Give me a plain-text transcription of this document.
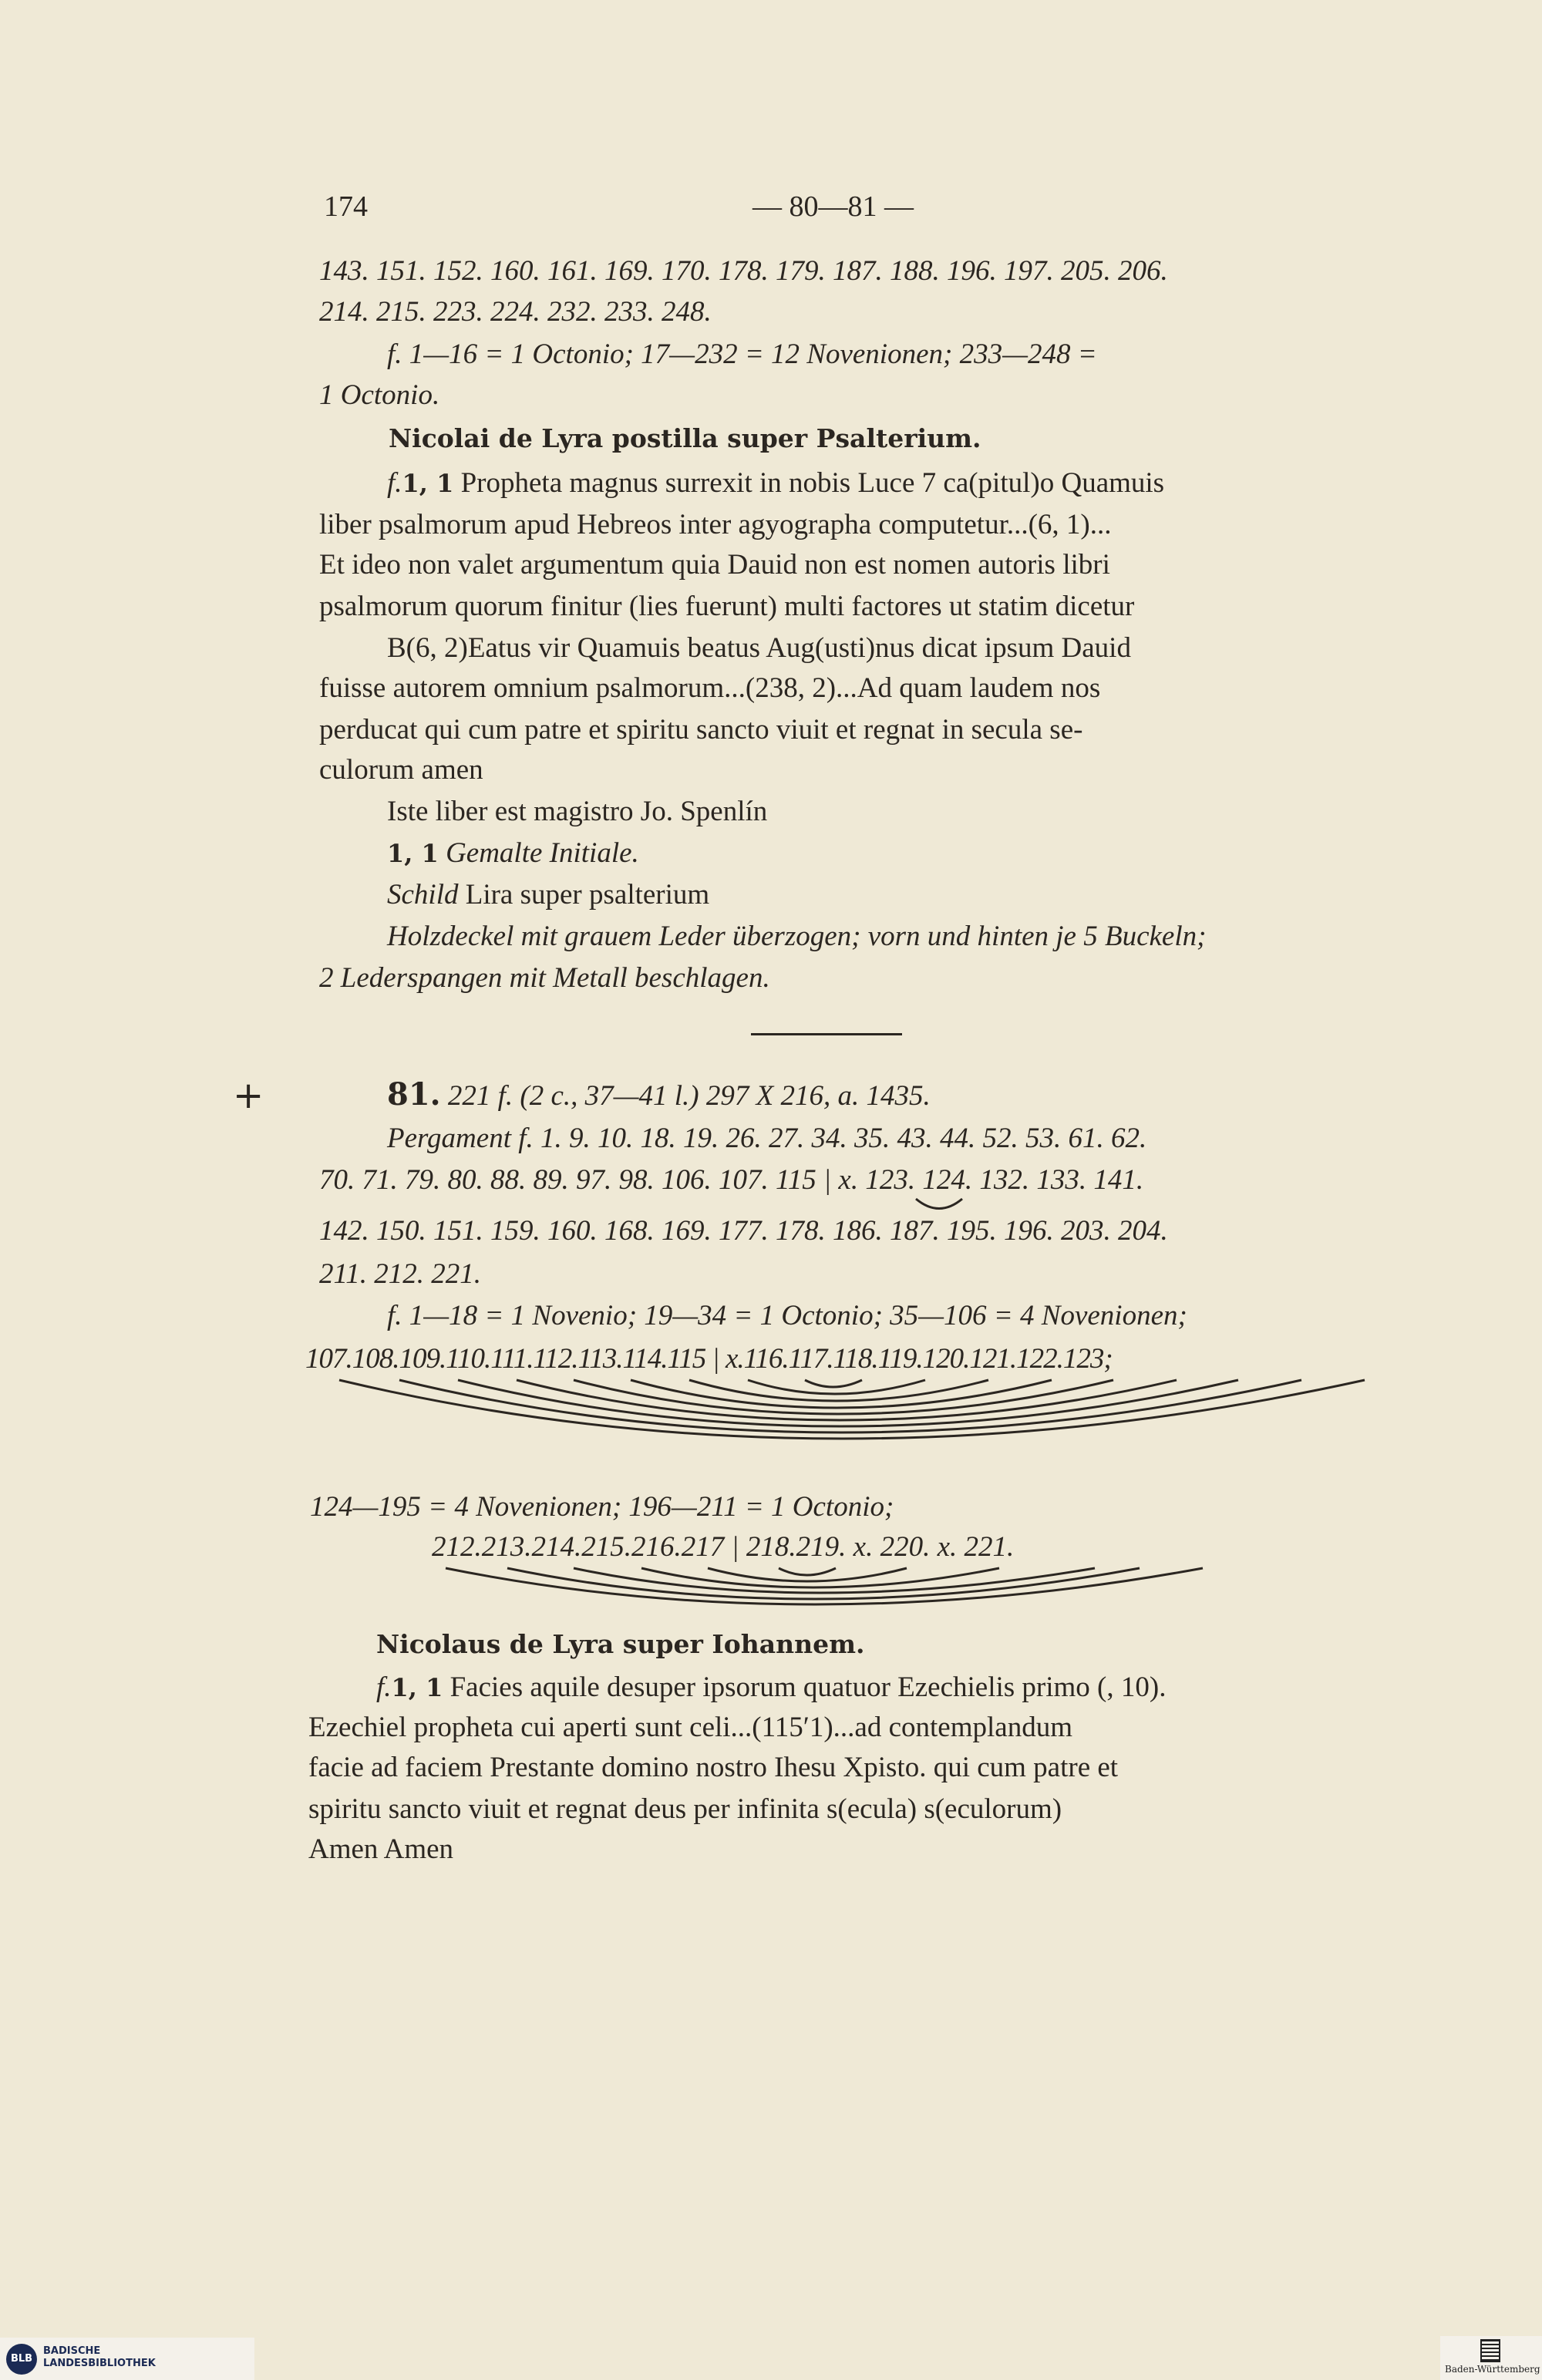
174	— 80—81 —
143. 151. 152. 160. 161. 169. 170. 178. 179. 187. 188. 196. 197. 205. 206.
214. 215. 223. 224. 232. 233. 248.
f. 1—16 = 1 Octonio; 17—232 = 12 Novenionen; 233—248 =
1 Octonio.
Nicolai de Lyra postilla super Psalterium.
f.1, 1 Propheta magnus surrexit in nobis Luce 7 ca(pitul)o Quamuis
liber psalmorum apud Hebreos inter agyographa computetur...(6, 1)...
Et ideo non valet argumentum quia Dauid non est nomen autoris libri
psalmorum quorum finitur (lies fuerunt) multi factores ut statim dicetur
B(6, 2)Eatus vir Quamuis beatus Aug(usti)nus dicat ipsum Dauid
fuisse autorem omnium psalmorum...(238, 2)...Ad quam laudem nos
perducat qui cum patre et spiritu sancto viuit et regnat in secula se-
culorum amen
Iste liber est magistro Jo. Spenlín
1, 1 Gemalte Initiale.
Schild Lira super psalterium
Holzdeckel mit grauem Leder überzogen; vorn und hinten je 5 Buckeln;
2 Lederspangen mit Metall beschlagen.
+	81. 221 f. (2 c., 37—41 l.) 297 X 216, a. 1435.
Pergament f. 1. 9. 10. 18. 19. 26. 27. 34. 35. 43. 44. 52. 53. 61. 62.
70. 71. 79. 80. 88. 89. 97. 98. 106. 107. 115 | x. 123. 124. 132. 133. 141.
142. 150. 151. 159. 160. 168. 169. 177. 178. 186. 187. 195. 196. 203. 204.
211. 212. 221.
f. 1—18 = 1 Novenio; 19—34 = 1 Octonio; 35—106 = 4 Novenionen;
107.108.109.110.111.112.113.114.115 | x.116.117.118.119.120.121.122.123;
124—195 = 4 Novenionen; 196—211 = 1 Octonio;
212.213.214.215.216.217 | 218.219. x. 220. x. 221.
Nicolaus de Lyra super Iohannem.
f.1, 1 Facies aquile desuper ipsorum quatuor Ezechielis primo (, 10).
Ezechiel propheta cui aperti sunt celi...(115′1)...ad contemplandum
facie ad faciem Prestante domino nostro Ihesu Xpisto. qui cum patre et
spiritu sancto viuit et regnat deus per infinita s(ecula) s(eculorum)
Amen Amen
BLB
BADISCHE
LANDESBIBLIOTHEK	Baden-Württemberg
